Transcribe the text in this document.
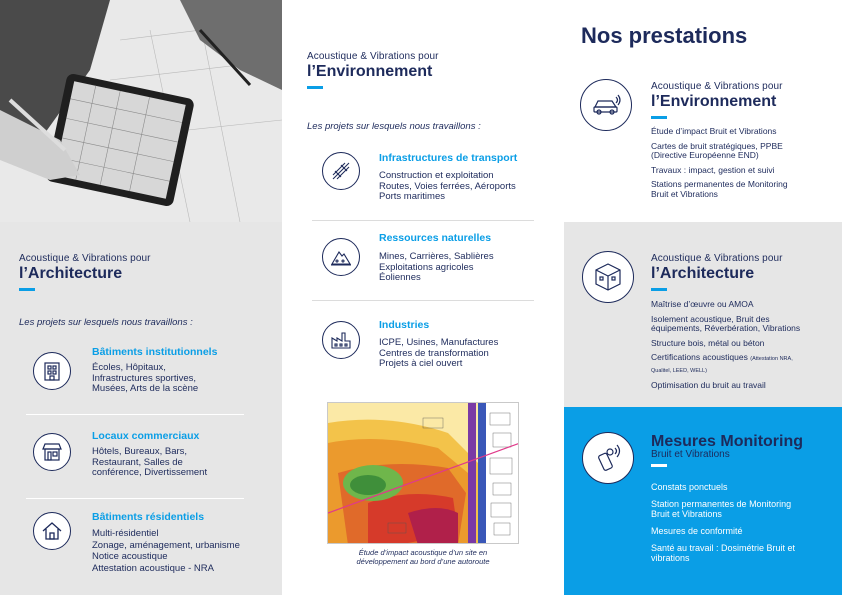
Acoustique & Vibrations pour
l’Architecture
Les projets sur lesquels nous travaillons :
Bâtiments institutionnels
Écoles, Hôpitaux,
Infrastructures sportives,
Musées, Arts de la scène
Locaux commerciaux
Hôtels, Bureaux, Bars,
Restaurant, Salles de
conférence, Divertissement
Bâtiments résidentiels
Multi-résidentiel
Zonage, aménagement, urbanisme
Notice acoustique
Attestation acoustique - NRA
Acoustique & Vibrations pour
l’Environnement
Les projets sur lesquels nous travaillons :
Infrastructures de transport
Construction et exploitation
Routes, Voies ferrées, Aéroports
Ports maritimes
Ressources naturelles
Mines, Carrières, Sablières
Exploitations agricoles
Éoliennes
Industries
ICPE, Usines, Manufactures
Centres de transformation
Projets à ciel ouvert
Étude d’impact acoustique d’un site en
développement au bord d’une autoroute
Nos prestations
Acoustique & Vibrations pour
l’Environnement
Étude d’impact Bruit et Vibrations
Cartes de bruit stratégiques, PPBE
(Directive Européenne END)
Travaux : impact, gestion et suivi
Stations permanentes de Monitoring
Bruit et Vibrations
Acoustique & Vibrations pour
l’Architecture
Maîtrise d’œuvre ou AMOA
Isolement acoustique, Bruit des
équipements, Réverbération, Vibrations
Structure bois, métal ou béton
Certifications acoustiques (Attestation NRA,
Qualitel, LEED, WELL)
Optimisation du bruit au travail
Mesures Monitoring
Bruit et Vibrations
Constats ponctuels
Station permanentes de Monitoring
Bruit et Vibrations
Mesures de conformité
Santé au travail : Dosimétrie Bruit et
vibrations
